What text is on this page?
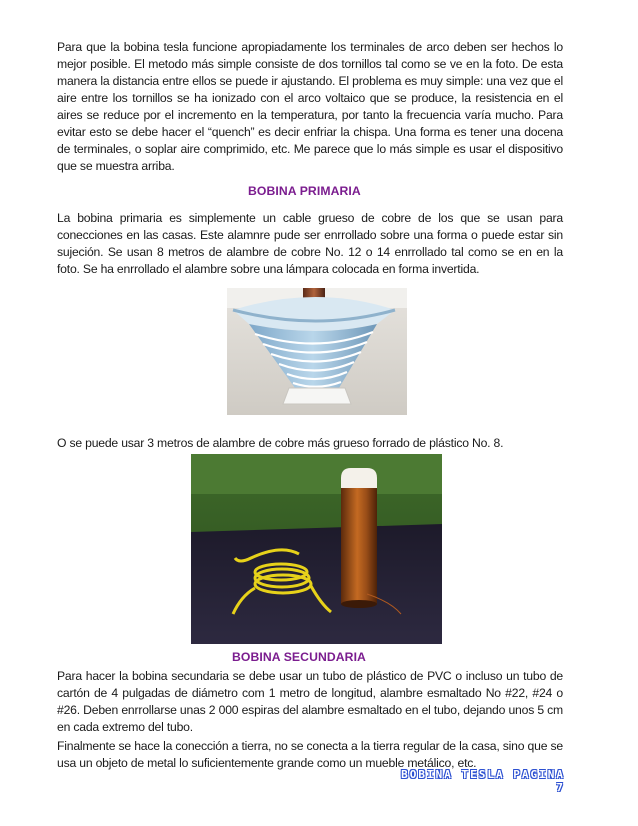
Para que la bobina tesla funcione apropiadamente los terminales de arco deben ser hechos lo mejor posible. El metodo más simple consiste de dos tornillos tal como se ve en la foto. De esta manera la distancia entre ellos se puede ir ajustando. El problema es muy simple: una vez que el aire entre los tornillos se ha ionizado con el arco voltaico que se produce, la resistencia en el aires se reduce por el incremento en la temperatura, por tanto la frecuencia varía mucho. Para evitar esto se debe hacer el “quench” es decir enfriar la chispa. Una forma es tener una docena de terminales, o soplar aire comprimido, etc. Me parece que lo más simple es usar el dispositivo que se muestra arriba.
BOBINA PRIMARIA
La bobina primaria es simplemente un cable grueso de cobre de los que se usan para conecciones en las casas. Este alamnre pude ser enrrollado sobre una forma o puede estar sin sujeción. Se usan 8 metros de alambre de cobre No. 12 o 14 enrrollado tal como se en en la foto. Se ha enrrollado el alambre sobre una lámpara colocada en forma invertida.
O se puede usar 3 metros de alambre de cobre más grueso forrado de plástico No. 8.
BOBINA SECUNDARIA
Para hacer la bobina secundaria se debe usar un tubo de plástico de PVC o incluso un tubo de cartón de 4 pulgadas de diámetro com 1 metro de longitud, alambre esmaltado No #22, #24 o #26. Deben enrrollarse unas 2 000 espiras del alambre esmaltado en el tubo, dejando unos 5 cm en cada extremo del tubo.
Finalmente se hace la conección a tierra, no se conecta a la tierra regular de la casa, sino que se usa un objeto de metal lo suficientemente grande como un mueble metálico, etc.
BOBINA TESLA PAGINA 7
